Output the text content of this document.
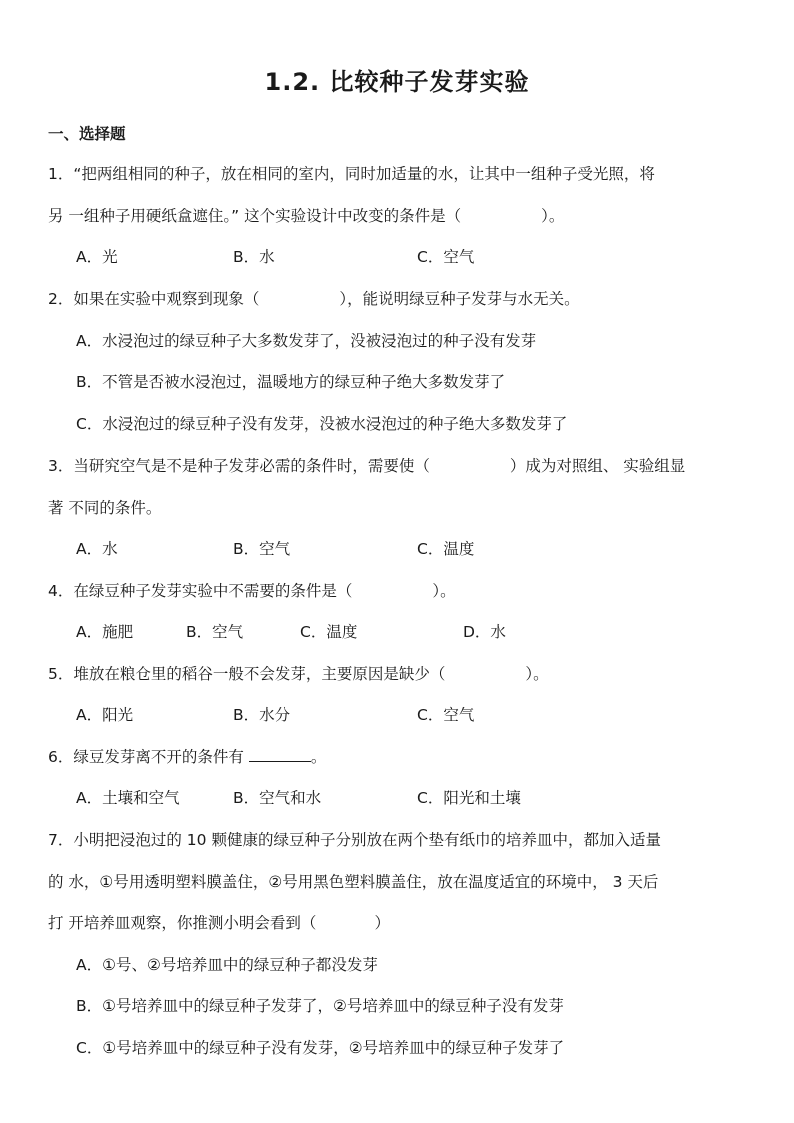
1.2. 比较种子发芽实验
一、选择题
1．“把两组相同的种子，放在相同的室内，同时加适量的水，让其中一组种子受光照，将
另 一组种子用硬纸盒遮住。” 这个实验设计中改变的条件是（	）。
A．光	B．水	C．空气
2．如果在实验中观察到现象（	），能说明绿豆种子发芽与水无关。
A．水浸泡过的绿豆种子大多数发芽了，没被浸泡过的种子没有发芽
B．不管是否被水浸泡过，温暖地方的绿豆种子绝大多数发芽了
C．水浸泡过的绿豆种子没有发芽，没被水浸泡过的种子绝大多数发芽了
3．当研究空气是不是种子发芽必需的条件时，需要使（	）成为对照组、 实验组显
著 不同的条件。
A．水	B．空气	C．温度
4．在绿豆种子发芽实验中不需要的条件是（	）。
A．施肥	B．空气	C．温度	D．水
5．堆放在粮仓里的稻谷一般不会发芽，主要原因是缺少（	）。
A．阳光	B．水分	C．空气
6．绿豆发芽离不开的条件有	。
A．土壤和空气	B．空气和水	C．阳光和土壤
7．小明把浸泡过的 10 颗健康的绿豆种子分别放在两个垫有纸巾的培养皿中，都加入适量
的 水，①号用透明塑料膜盖住，②号用黑色塑料膜盖住，放在温度适宜的环境中， 3 天后
打 开培养皿观察，你推测小明会看到（	）
A．①号、②号培养皿中的绿豆种子都没发芽
B．①号培养皿中的绿豆种子发芽了，②号培养皿中的绿豆种子没有发芽
C．①号培养皿中的绿豆种子没有发芽，②号培养皿中的绿豆种子发芽了
